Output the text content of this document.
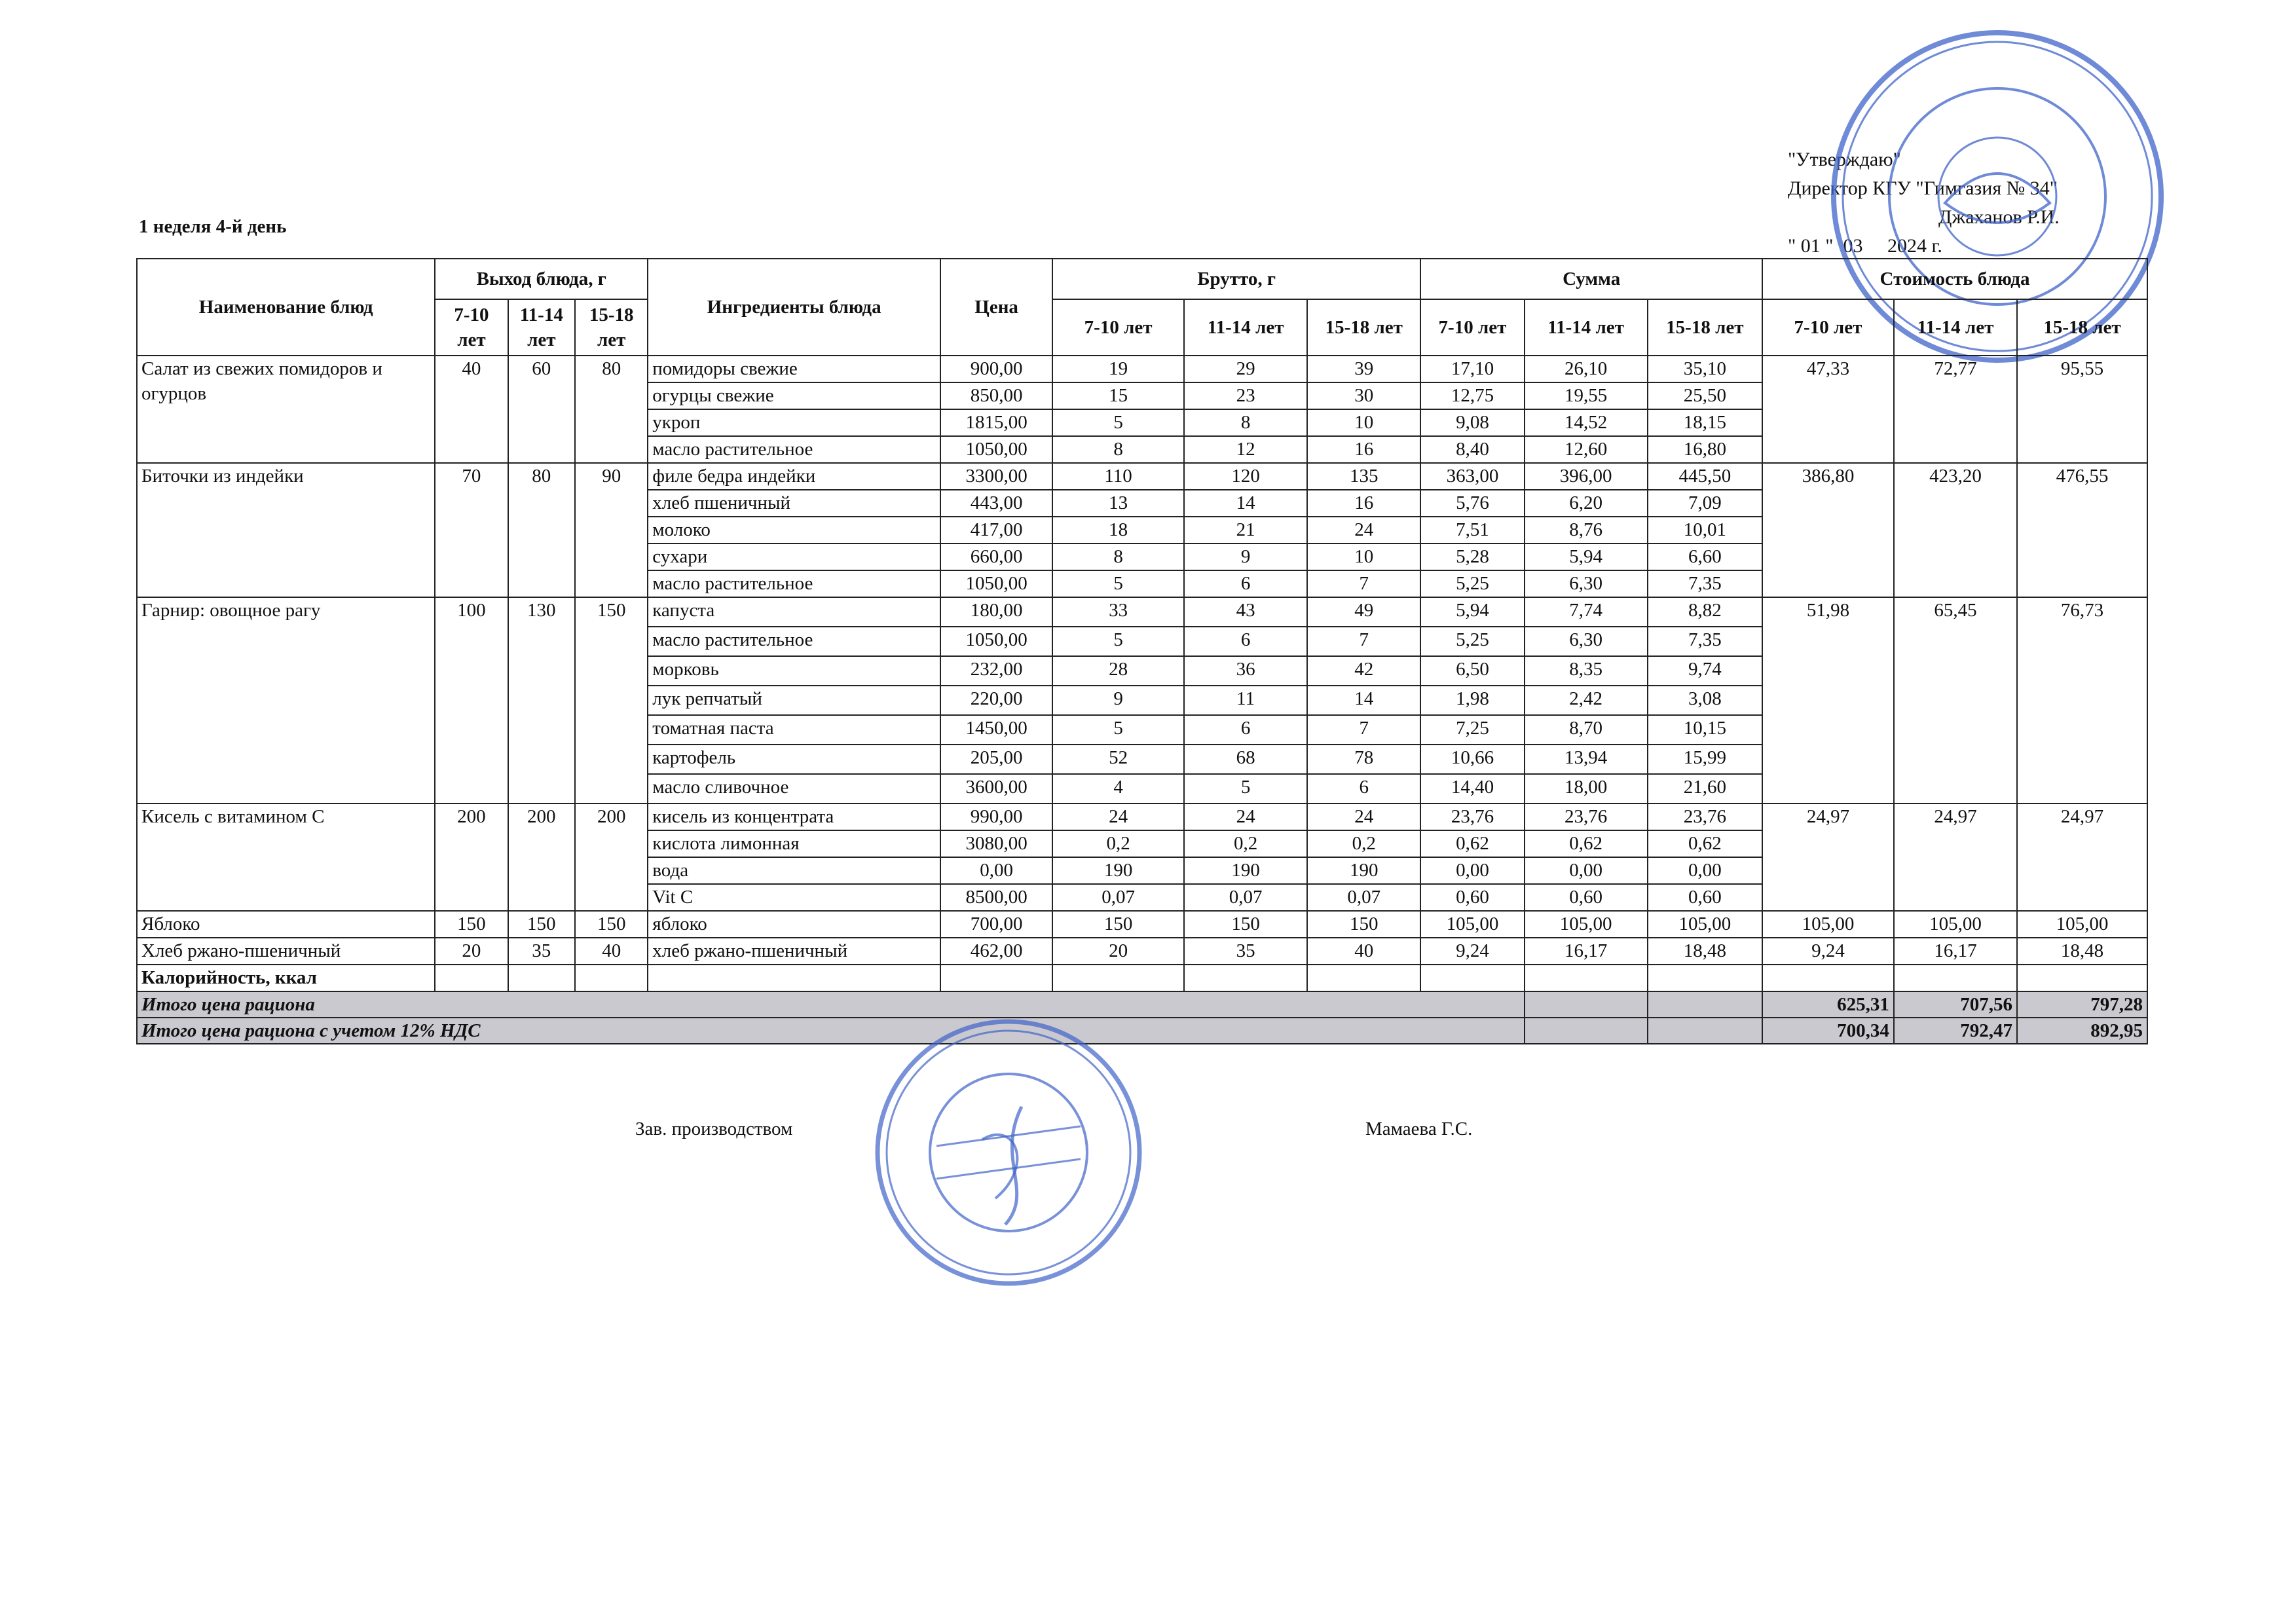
"Утверждаю"
Директор КГУ "Гимгазия № 34"
Джаханов Р.И.
" 01 "  03     2024 г.
1 неделя 4-й день
Наименование блюд	Выход блюда, г			Ингредиенты блюда	Цена	Брутто, г			Сумма			Стоимость блюда		
	7-10 лет	11-14 лет	15-18 лет			7-10 лет	11-14 лет	15-18 лет	7-10 лет	11-14 лет	15-18 лет	7-10 лет	11-14 лет	15-18 лет
Салат из свежих помидоров и огурцов	40	60	80	помидоры свежие	900,00	19	29	39	17,10	26,10	35,10	47,33	72,77	95,55
				огурцы свежие	850,00	15	23	30	12,75	19,55	25,50			
				укроп	1815,00	5	8	10	9,08	14,52	18,15			
				масло растительное	1050,00	8	12	16	8,40	12,60	16,80			
Биточки из индейки	70	80	90	филе бедра индейки	3300,00	110	120	135	363,00	396,00	445,50	386,80	423,20	476,55
				хлеб пшеничный	443,00	13	14	16	5,76	6,20	7,09			
				молоко	417,00	18	21	24	7,51	8,76	10,01			
				сухари	660,00	8	9	10	5,28	5,94	6,60			
				масло растительное	1050,00	5	6	7	5,25	6,30	7,35			
Гарнир: овощное рагу	100	130	150	капуста	180,00	33	43	49	5,94	7,74	8,82	51,98	65,45	76,73
				масло растительное	1050,00	5	6	7	5,25	6,30	7,35			
				морковь	232,00	28	36	42	6,50	8,35	9,74			
				лук репчатый	220,00	9	11	14	1,98	2,42	3,08			
				томатная паста	1450,00	5	6	7	7,25	8,70	10,15			
				картофель	205,00	52	68	78	10,66	13,94	15,99			
				масло сливочное	3600,00	4	5	6	14,40	18,00	21,60			
Кисель с витамином С	200	200	200	кисель из концентрата	990,00	24	24	24	23,76	23,76	23,76	24,97	24,97	24,97
				кислота лимонная	3080,00	0,2	0,2	0,2	0,62	0,62	0,62			
				вода	0,00	190	190	190	0,00	0,00	0,00			
				Vit C	8500,00	0,07	0,07	0,07	0,60	0,60	0,60			
Яблоко	150	150	150	яблоко	700,00	150	150	150	105,00	105,00	105,00	105,00	105,00	105,00
Хлеб ржано-пшеничный	20	35	40	хлеб ржано-пшеничный	462,00	20	35	40	9,24	16,17	18,48	9,24	16,17	18,48
Калорийность, ккал														
Итого цена рациона												625,31	707,56	797,28
Итого цена рациона с учетом 12% НДС												700,34	792,47	892,95
Зав. производством	Мамаева Г.С.
